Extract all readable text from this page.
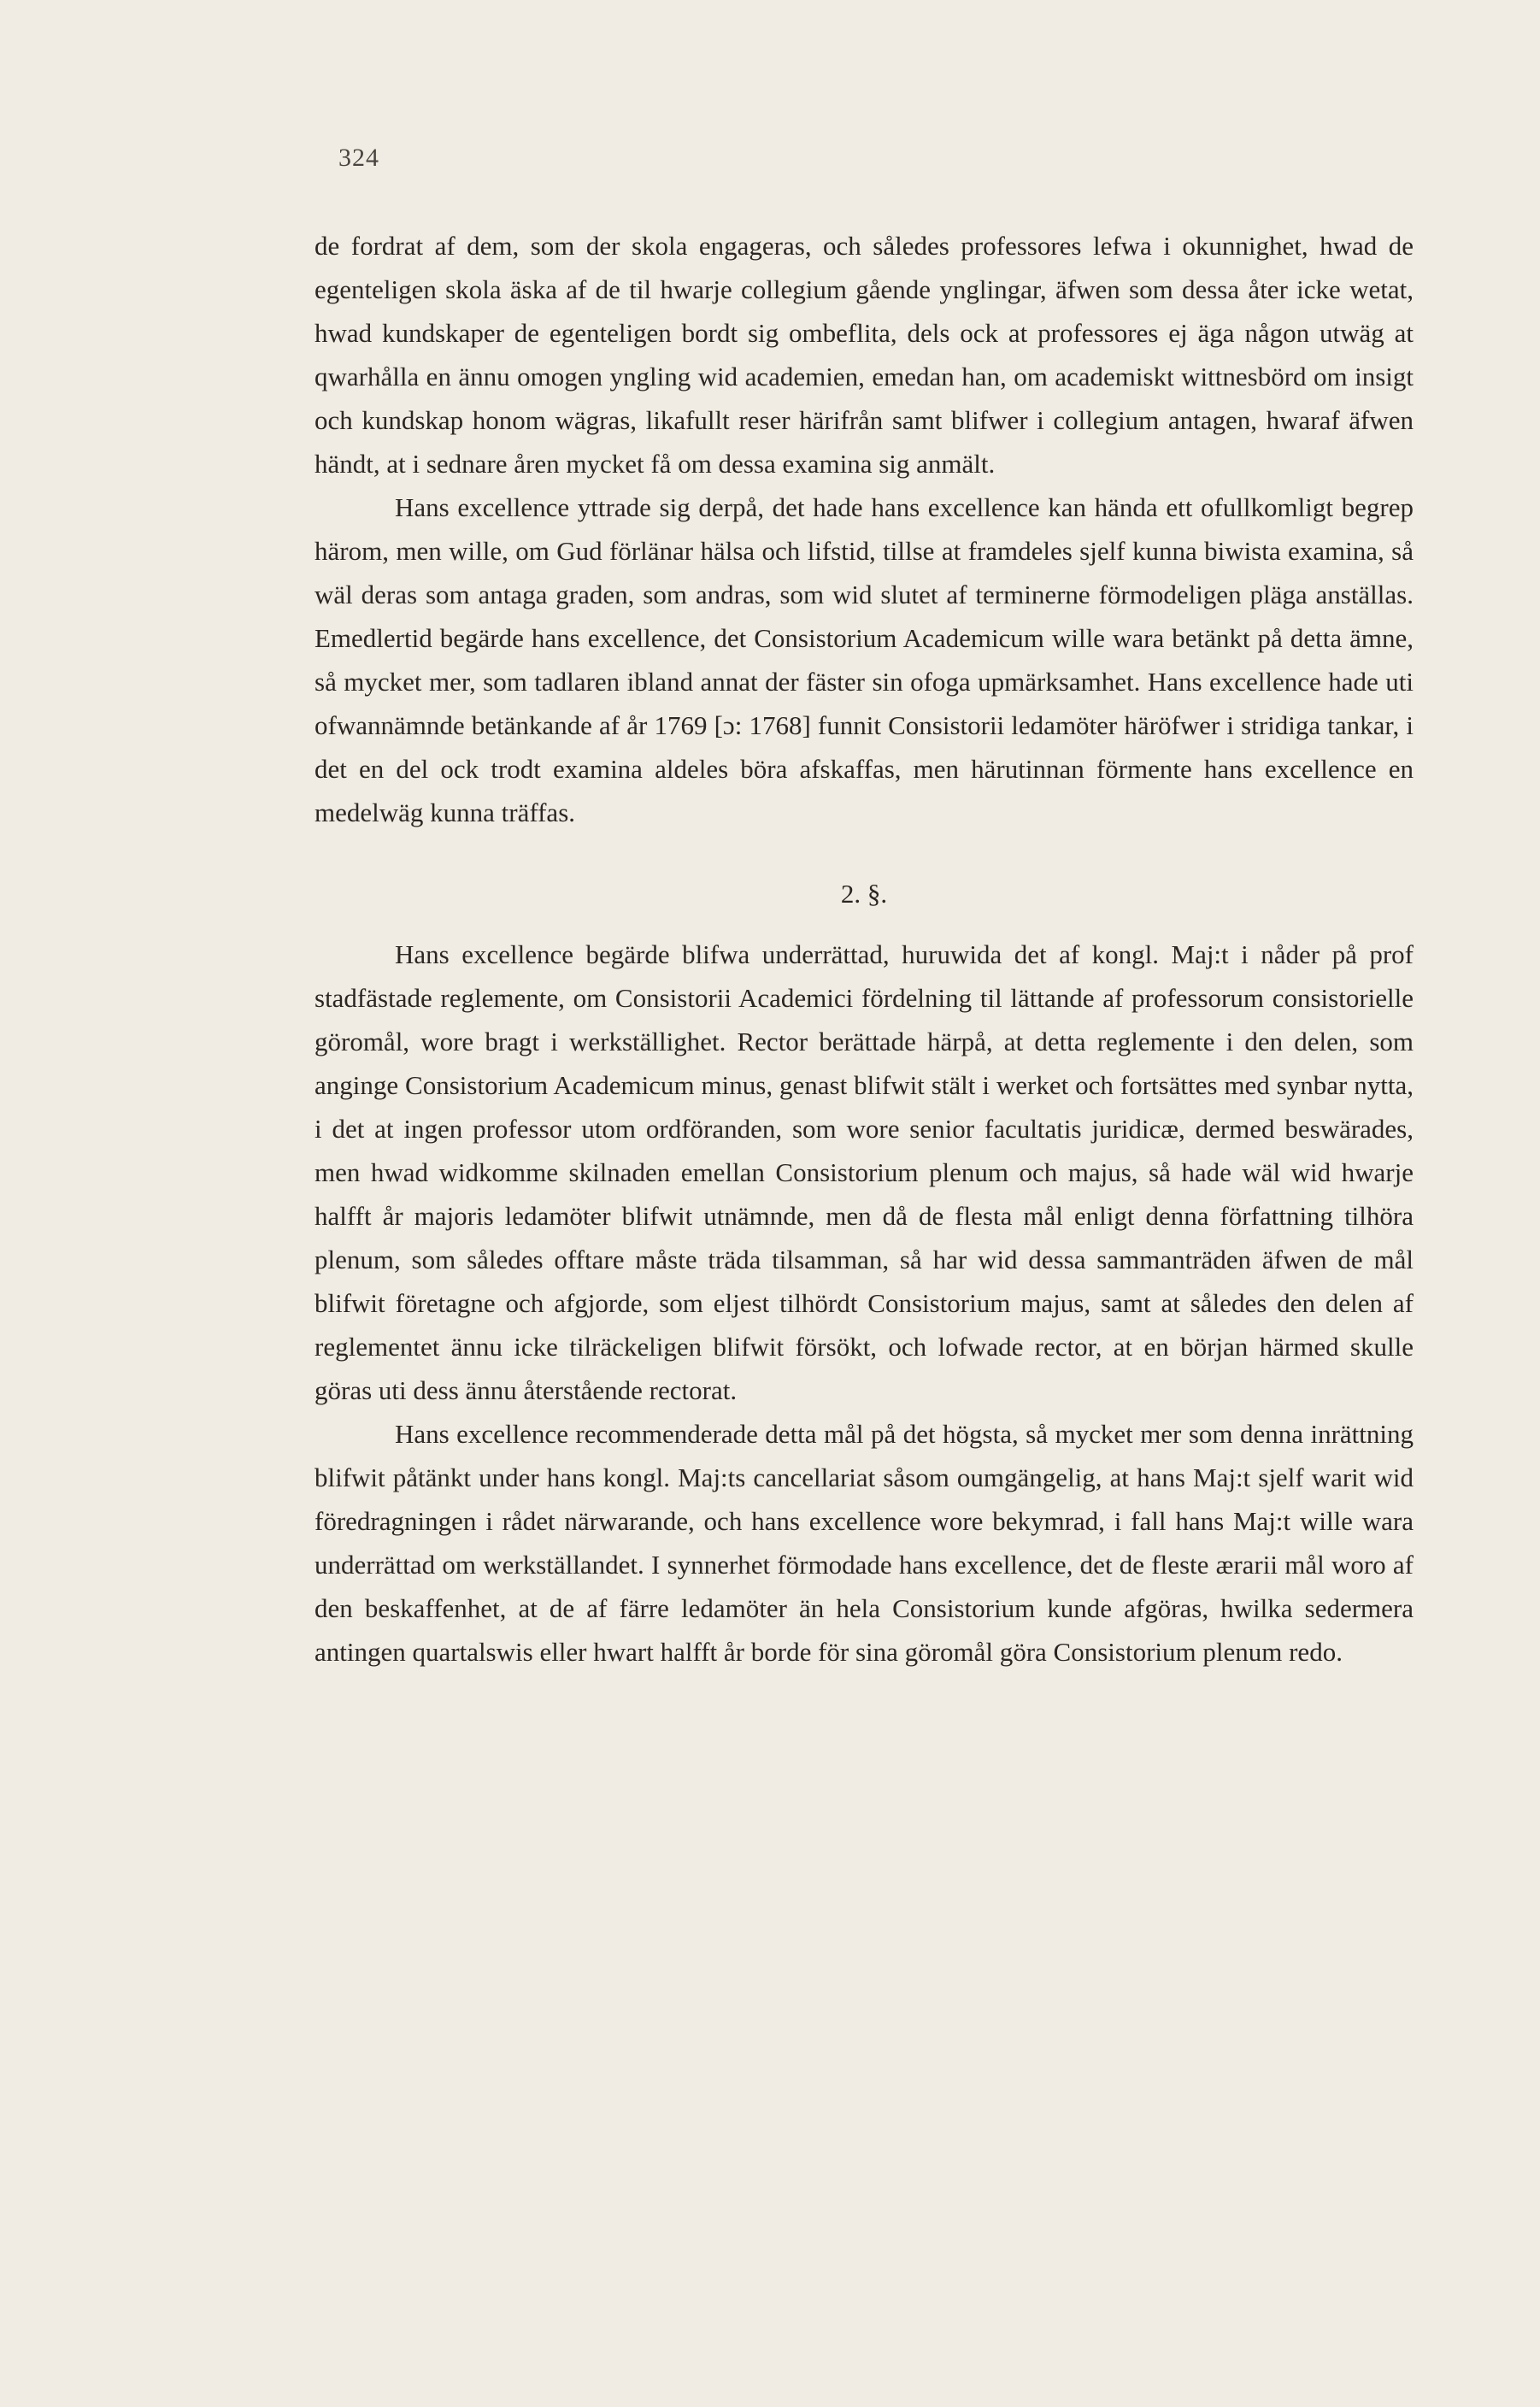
324

de fordrat af dem, som der skola engageras, och således professores lefwa i okunnighet, hwad de egenteligen skola äska af de til hwarje collegium gående ynglingar, äfwen som dessa åter icke wetat, hwad kundskaper de egenteligen bordt sig ombeflita, dels ock at professores ej äga någon utwäg at qwarhålla en ännu omogen yngling wid academien, emedan han, om academiskt wittnesbörd om insigt och kundskap honom wägras, likafullt reser härifrån samt blifwer i collegium antagen, hwaraf äfwen händt, at i sednare åren mycket få om dessa examina sig anmält.

Hans excellence yttrade sig derpå, det hade hans excellence kan hända ett ofullkomligt begrep härom, men wille, om Gud förlänar hälsa och lifstid, tillse at framdeles sjelf kunna biwista examina, så wäl deras som antaga graden, som andras, som wid slutet af terminerne förmodeligen pläga anställas. Emedlertid begärde hans excellence, det Consistorium Academicum wille wara betänkt på detta ämne, så mycket mer, som tadlaren ibland annat der fäster sin ofoga upmärksamhet. Hans excellence hade uti ofwannämnde betänkande af år 1769 [ɔ: 1768] funnit Consistorii ledamöter häröfwer i stridiga tankar, i det en del ock trodt examina aldeles böra afskaffas, men härutinnan förmente hans excellence en medelwäg kunna träffas.

2. §.

Hans excellence begärde blifwa underrättad, huruwida det af kongl. Maj:t i nåder på prof stadfästade reglemente, om Consistorii Academici fördelning til lättande af professorum consistorielle göromål, wore bragt i werkställighet. Rector berättade härpå, at detta reglemente i den delen, som anginge Consistorium Academicum minus, genast blifwit stält i werket och fortsättes med synbar nytta, i det at ingen professor utom ordföranden, som wore senior facultatis juridicæ, dermed beswärades, men hwad widkomme skilnaden emellan Consistorium plenum och majus, så hade wäl wid hwarje halfft år majoris ledamöter blifwit utnämnde, men då de flesta mål enligt denna författning tilhöra plenum, som således offtare måste träda tilsamman, så har wid dessa sammanträden äfwen de mål blifwit företagne och afgjorde, som eljest tilhördt Consistorium majus, samt at således den delen af reglementet ännu icke tilräckeligen blifwit försökt, och lofwade rector, at en början härmed skulle göras uti dess ännu återstående rectorat.

Hans excellence recommenderade detta mål på det högsta, så mycket mer som denna inrättning blifwit påtänkt under hans kongl. Maj:ts cancellariat såsom oumgängelig, at hans Maj:t sjelf warit wid föredragningen i rådet närwarande, och hans excellence wore bekymrad, i fall hans Maj:t wille wara underrättad om werkställandet. I synnerhet förmodade hans excellence, det de fleste ærarii mål woro af den beskaffenhet, at de af färre ledamöter än hela Consistorium kunde afgöras, hwilka sedermera antingen quartalswis eller hwart halfft år borde för sina göromål göra Consistorium plenum redo.
